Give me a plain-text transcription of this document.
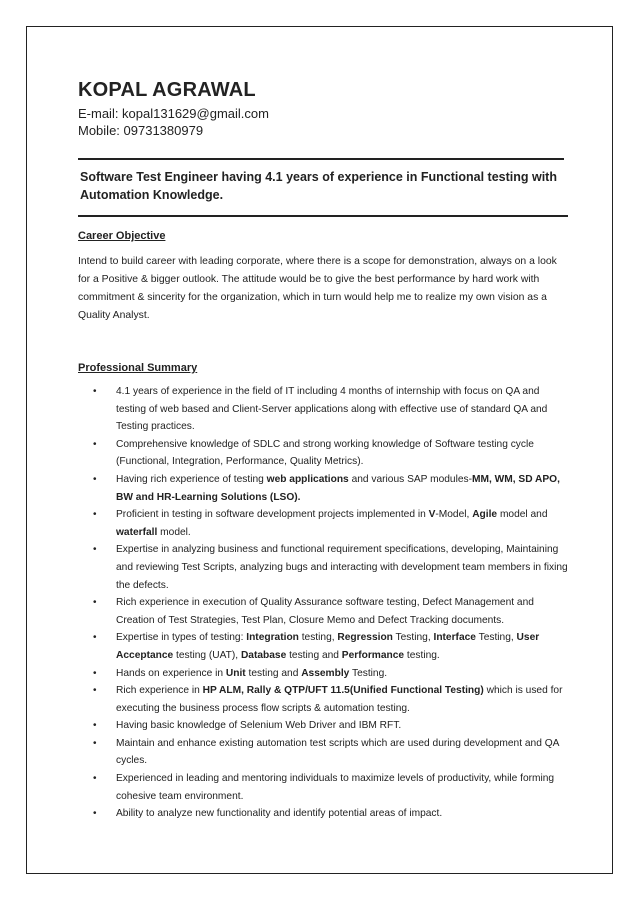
KOPAL AGRAWAL
E-mail: kopal131629@gmail.com
Mobile: 09731380979
Software Test Engineer having 4.1 years of experience in Functional testing with Automation Knowledge.
Career Objective

Intend to build career with leading corporate, where there is a scope for demonstration, always on a look for a Positive & bigger outlook. The attitude would be to give the best performance by hard work with commitment & sincerity for the organization, which in turn would help me to realize my own vision as a Quality Analyst.

Professional Summary
• 4.1 years of experience in the field of IT including 4 months of internship with focus on QA and testing of web based and Client-Server applications along with effective use of standard QA and Testing practices.
• Comprehensive knowledge of SDLC and strong working knowledge of Software testing cycle (Functional, Integration, Performance, Quality Metrics).
• Having rich experience of testing web applications and various SAP modules-MM, WM, SD APO, BW and HR-Learning Solutions (LSO).
• Proficient in testing in software development projects implemented in V-Model, Agile model and waterfall model.
• Expertise in analyzing business and functional requirement specifications, developing, Maintaining and reviewing Test Scripts, analyzing bugs and interacting with development team members in fixing the defects.
• Rich experience in execution of Quality Assurance software testing, Defect Management and Creation of Test Strategies, Test Plan, Closure Memo and Defect Tracking documents.
• Expertise in types of testing: Integration testing, Regression Testing, Interface Testing, User Acceptance testing (UAT), Database testing and Performance testing.
• Hands on experience in Unit testing and Assembly Testing.
• Rich experience in HP ALM, Rally & QTP/UFT 11.5(Unified Functional Testing) which is used for executing the business process flow scripts & automation testing.
• Having basic knowledge of Selenium Web Driver and IBM RFT.
• Maintain and enhance existing automation test scripts which are used during development and QA cycles.
• Experienced in leading and mentoring individuals to maximize levels of productivity, while forming cohesive team environment.
• Ability to analyze new functionality and identify potential areas of impact.
